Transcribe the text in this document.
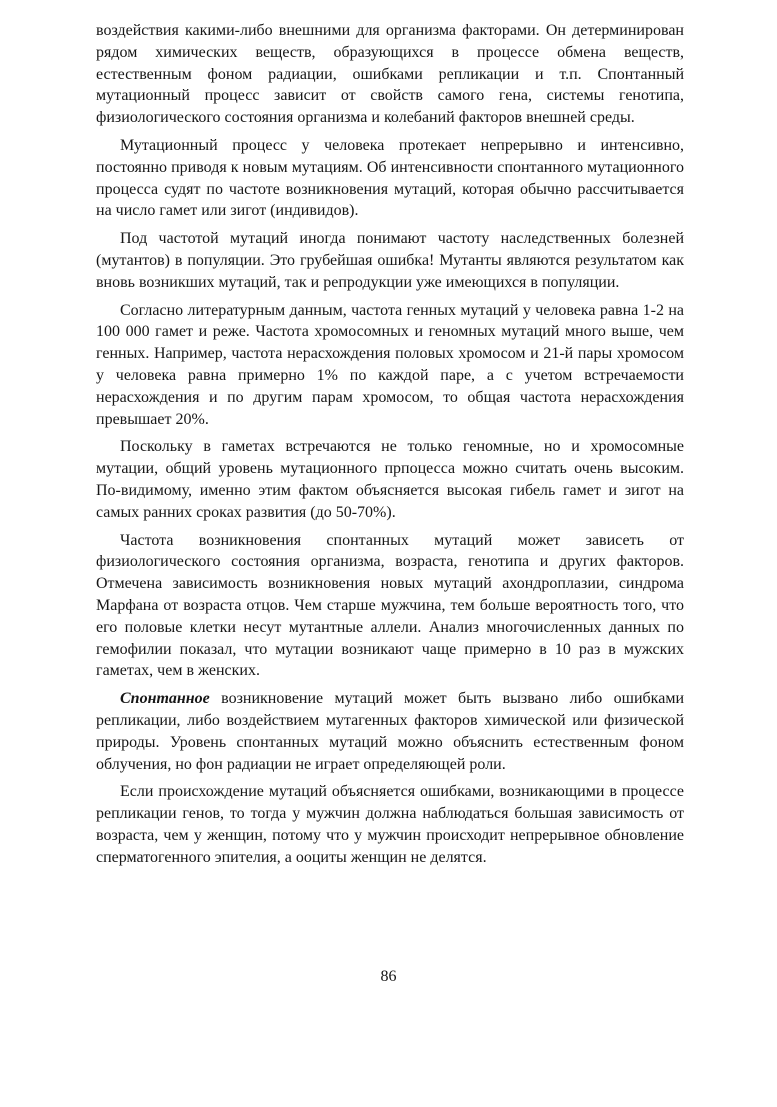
воздействия какими-либо внешними для организма факторами. Он детерминирован рядом химических веществ, образующихся в процессе обмена веществ, естественным фоном радиации, ошибками репликации и т.п. Спонтанный мутационный процесс зависит от свойств самого гена, системы генотипа, физиологического состояния организма и колебаний факторов внешней среды.

Мутационный процесс у человека протекает непрерывно и интенсивно, постоянно приводя к новым мутациям. Об интенсивности спонтанного мутационного процесса судят по частоте возникновения мутаций, которая обычно рассчитывается на число гамет или зигот (индивидов).

Под частотой мутаций иногда понимают частоту наследственных болезней (мутантов) в популяции. Это грубейшая ошибка! Мутанты являются результатом как вновь возникших мутаций, так и репродукции уже имеющихся в популяции.

Согласно литературным данным, частота генных мутаций у человека равна 1-2 на 100 000 гамет и реже. Частота хромосомных и геномных мутаций много выше, чем генных. Например, частота нерасхождения половых хромосом и 21-й пары хромосом у человека равна примерно 1% по каждой паре, а с учетом встречаемости нерасхождения и по другим парам хромосом, то общая частота нерасхождения превышает 20%.

Поскольку в гаметах встречаются не только геномные, но и хромосомные мутации, общий уровень мутационного прпоцесса можно считать очень высоким. По-видимому, именно этим фактом объясняется высокая гибель гамет и зигот на самых ранних сроках развития (до 50-70%).

Частота возникновения спонтанных мутаций может зависеть от физиологического состояния организма, возраста, генотипа и других факторов. Отмечена зависимость возникновения новых мутаций ахондроплазии, синдрома Марфана от возраста отцов. Чем старше мужчина, тем больше вероятность того, что его половые клетки несут мутантные аллели. Анализ многочисленных данных по гемофилии показал, что мутации возникают чаще примерно в 10 раз в мужских гаметах, чем в женских.

Спонтанное возникновение мутаций может быть вызвано либо ошибками репликации, либо воздействием мутагенных факторов химической или физической природы. Уровень спонтанных мутаций можно объяснить естественным фоном облучения, но фон радиации не играет определяющей роли.

Если происхождение мутаций объясняется ошибками, возникающими в процессе репликации генов, то тогда у мужчин должна наблюдаться большая зависимость от возраста, чем у женщин, потому что у мужчин происходит непрерывное обновление сперматогенного эпителия, а ооциты женщин не делятся.

86
